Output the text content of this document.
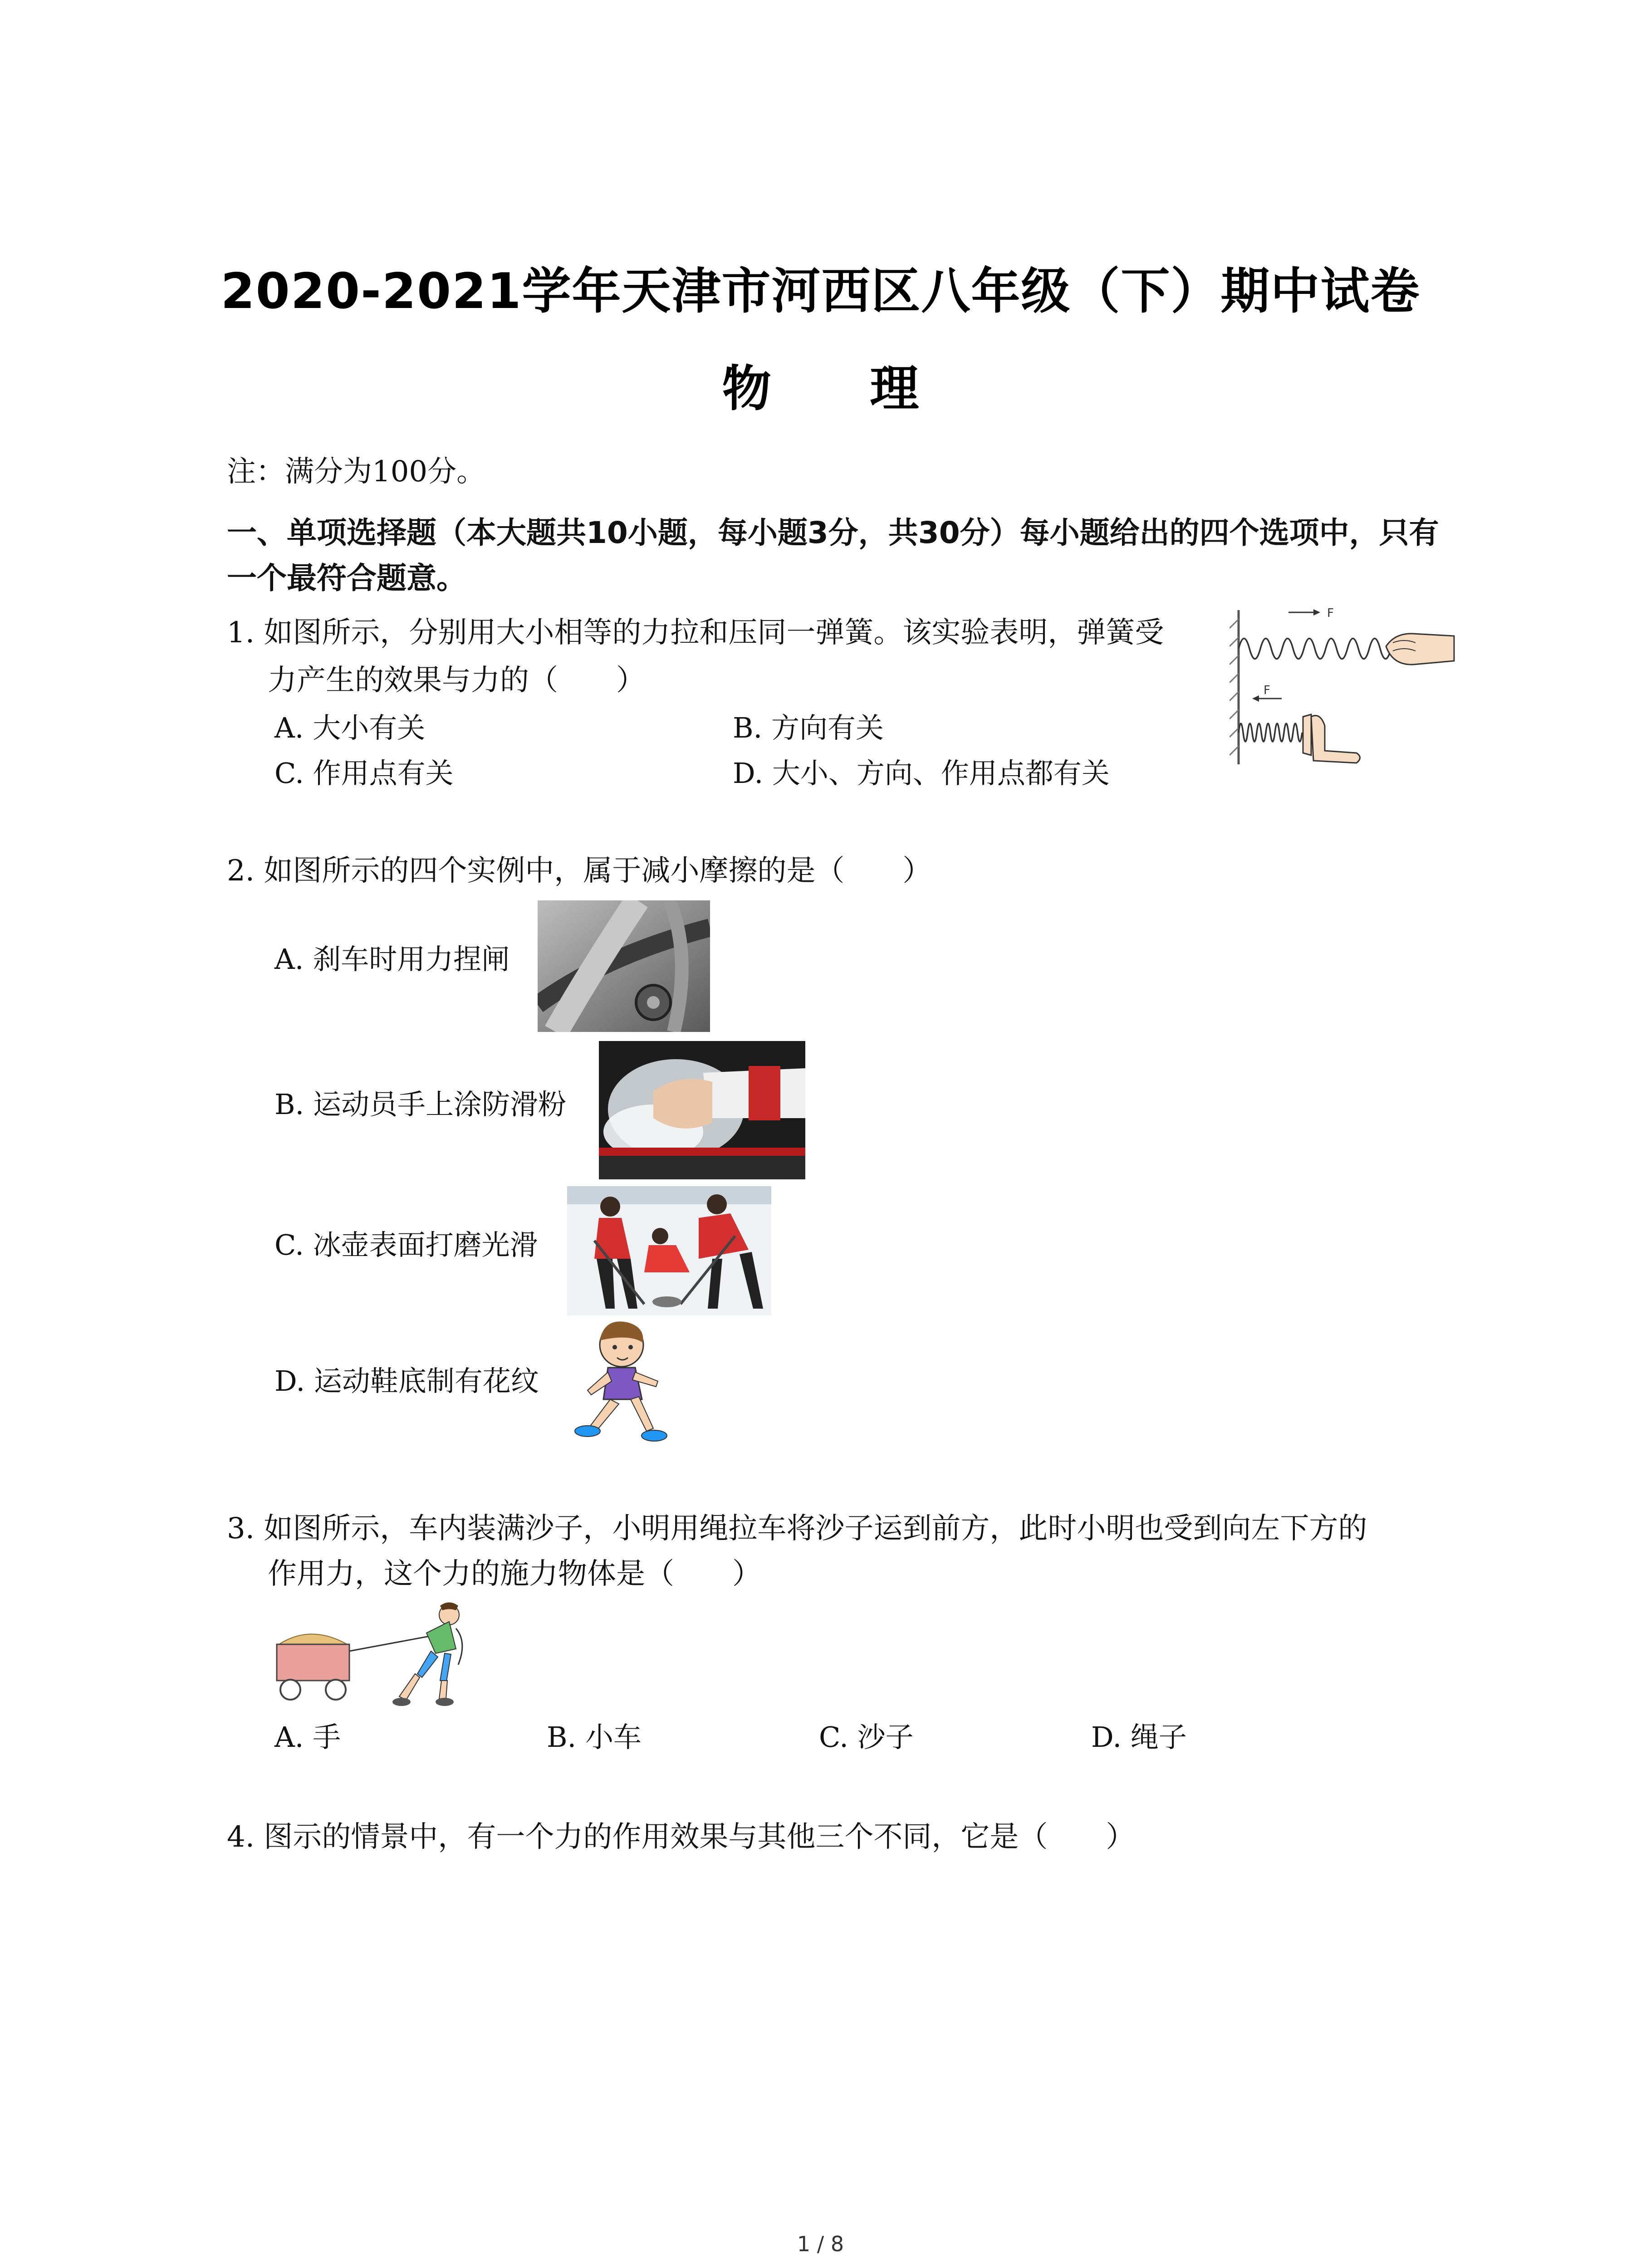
2020-2021学年天津市河西区八年级（下）期中试卷
物 理
注：满分为100分。
一、单项选择题（本大题共10小题，每小题3分，共30分）每小题给出的四个选项中，只有
一个最符合题意。
1. 如图所示，分别用大小相等的力拉和压同一弹簧。该实验表明，弹簧受
力产生的效果与力的（　　）
A. 大小有关	B. 方向有关
C. 作用点有关	D. 大小、方向、作用点都有关
F
F
2. 如图所示的四个实例中，属于减小摩擦的是（　　）
A. 刹车时用力捏闸
B. 运动员手上涂防滑粉
C. 冰壶表面打磨光滑
D. 运动鞋底制有花纹
3. 如图所示，车内装满沙子，小明用绳拉车将沙子运到前方，此时小明也受到向左下方的
作用力，这个力的施力物体是（　　）
A. 手	B. 小车	C. 沙子	D. 绳子
4. 图示的情景中，有一个力的作用效果与其他三个不同，它是（　　）
1 / 8
